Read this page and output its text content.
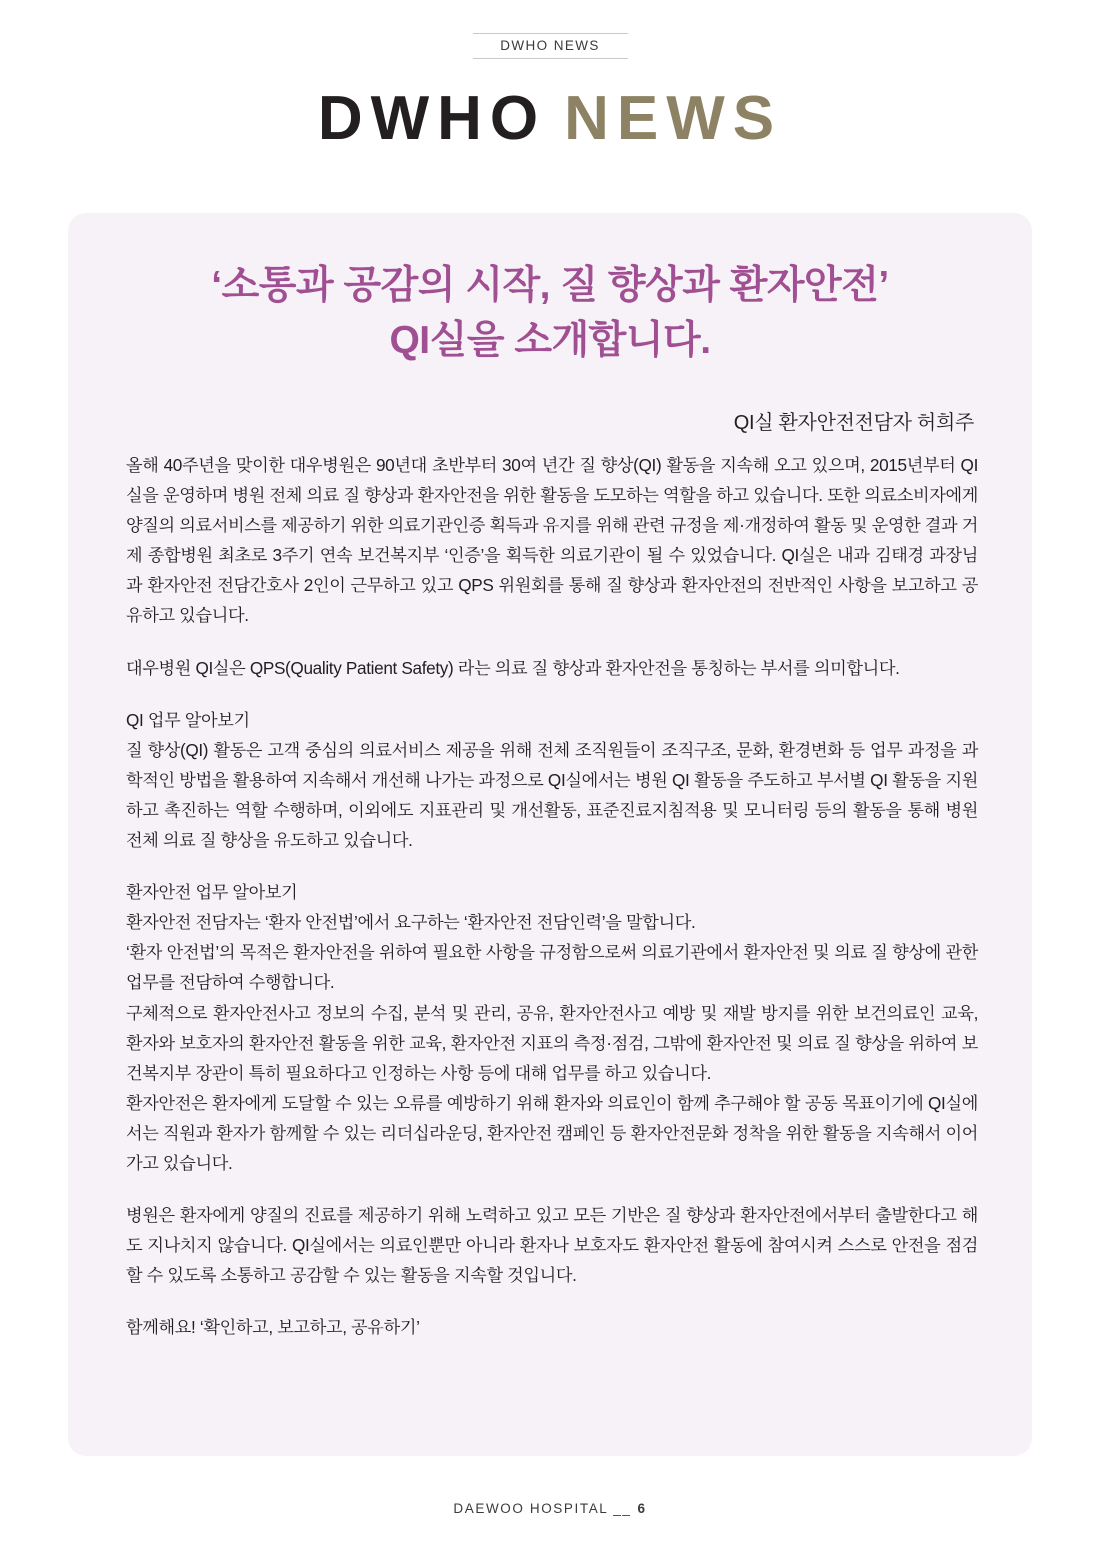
DWHO NEWS
DWHO NEWS
‘소통과 공감의 시작, 질 향상과 환자안전’
QI실을 소개합니다.
QI실 환자안전전담자 허희주

올해 40주년을 맞이한 대우병원은 90년대 초반부터 30여 년간 질 향상(QI) 활동을 지속해 오고 있으며, 2015년부터 QI실을 운영하며 병원 전체 의료 질 향상과 환자안전을 위한 활동을 도모하는 역할을 하고 있습니다. 또한 의료소비자에게 양질의 의료서비스를 제공하기 위한 의료기관인증 획득과 유지를 위해 관련 규정을 제·개정하여 활동 및 운영한 결과 거제 종합병원 최초로 3주기 연속 보건복지부 ‘인증’을 획득한 의료기관이 될 수 있었습니다. QI실은 내과 김태경 과장님과 환자안전 전담간호사 2인이 근무하고 있고 QPS 위원회를 통해 질 향상과 환자안전의 전반적인 사항을 보고하고 공유하고 있습니다.

대우병원 QI실은 QPS(Quality Patient Safety) 라는 의료 질 향상과 환자안전을 통칭하는 부서를 의미합니다.

QI 업무 알아보기

질 향상(QI) 활동은 고객 중심의 의료서비스 제공을 위해 전체 조직원들이 조직구조, 문화, 환경변화 등 업무 과정을 과학적인 방법을 활용하여 지속해서 개선해 나가는 과정으로 QI실에서는 병원 QI 활동을 주도하고 부서별 QI 활동을 지원하고 촉진하는 역할 수행하며, 이외에도 지표관리 및 개선활동, 표준진료지침적용 및 모니터링 등의 활동을 통해 병원 전체 의료 질 향상을 유도하고 있습니다.

환자안전 업무 알아보기

환자안전 전담자는 ‘환자 안전법’에서 요구하는 ‘환자안전 전담인력’을 말합니다.

‘환자 안전법’의 목적은 환자안전을 위하여 필요한 사항을 규정함으로써 의료기관에서 환자안전 및 의료 질 향상에 관한 업무를 전담하여 수행합니다.

구체적으로 환자안전사고 정보의 수집, 분석 및 관리, 공유, 환자안전사고 예방 및 재발 방지를 위한 보건의료인 교육, 환자와 보호자의 환자안전 활동을 위한 교육, 환자안전 지표의 측정·점검, 그밖에 환자안전 및 의료 질 향상을 위하여 보건복지부 장관이 특히 필요하다고 인정하는 사항 등에 대해 업무를 하고 있습니다.

환자안전은 환자에게 도달할 수 있는 오류를 예방하기 위해 환자와 의료인이 함께 추구해야 할 공동 목표이기에 QI실에서는 직원과 환자가 함께할 수 있는 리더십라운딩, 환자안전 캠페인 등 환자안전문화 정착을 위한 활동을 지속해서 이어가고 있습니다.

병원은 환자에게 양질의 진료를 제공하기 위해 노력하고 있고 모든 기반은 질 향상과 환자안전에서부터 출발한다고 해도 지나치지 않습니다. QI실에서는 의료인뿐만 아니라 환자나 보호자도 환자안전 활동에 참여시켜 스스로 안전을 점검할 수 있도록 소통하고 공감할 수 있는 활동을 지속할 것입니다.

함께해요! ‘확인하고, 보고하고, 공유하기’

DAEWOO HOSPITAL __ 6
